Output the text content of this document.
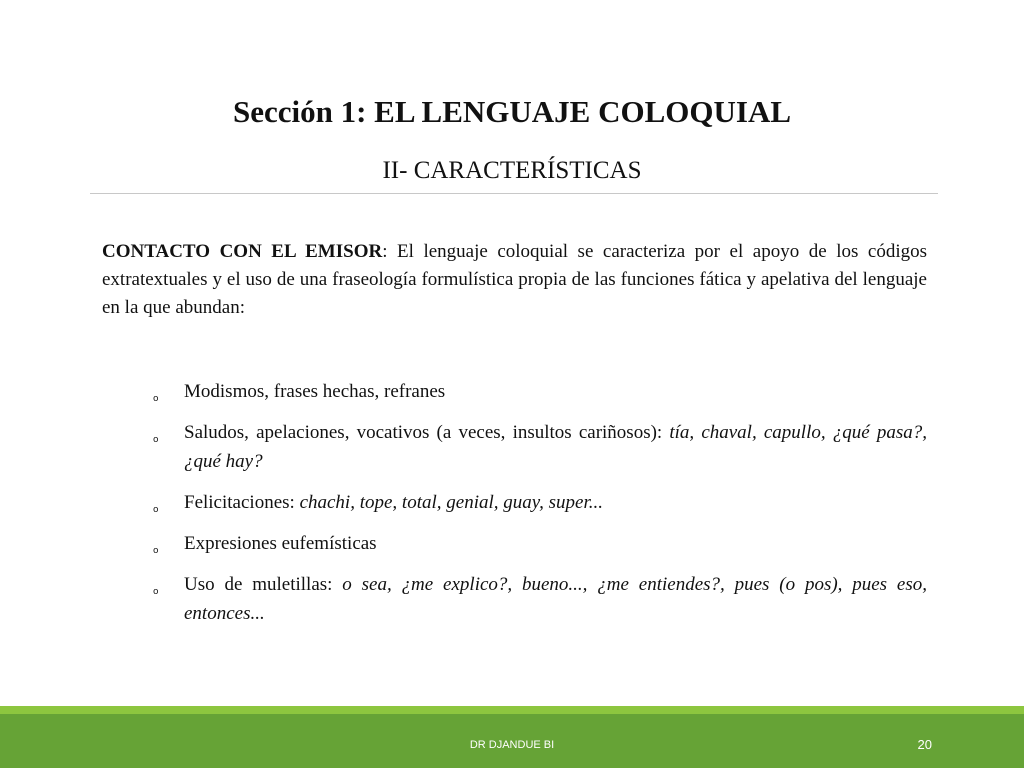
Sección 1: EL LENGUAJE COLOQUIAL
II- CARACTERÍSTICAS

CONTACTO CON EL EMISOR: El lenguaje coloquial se caracteriza por el apoyo de los códigos extratextuales y el uso de una fraseología formulística propia de las funciones fática y apelativa del lenguaje en la que abundan:

o Modismos, frases hechas, refranes
o Saludos, apelaciones, vocativos (a veces, insultos cariñosos): tía, chaval, capullo, ¿qué pasa?, ¿qué hay?
o Felicitaciones: chachi, tope, total, genial, guay, super...
o Expresiones eufemísticas
o Uso de muletillas: o sea, ¿me explico?, bueno..., ¿me entiendes?, pues (o pos), pues eso, entonces...
DR DJANDUE BI	20
